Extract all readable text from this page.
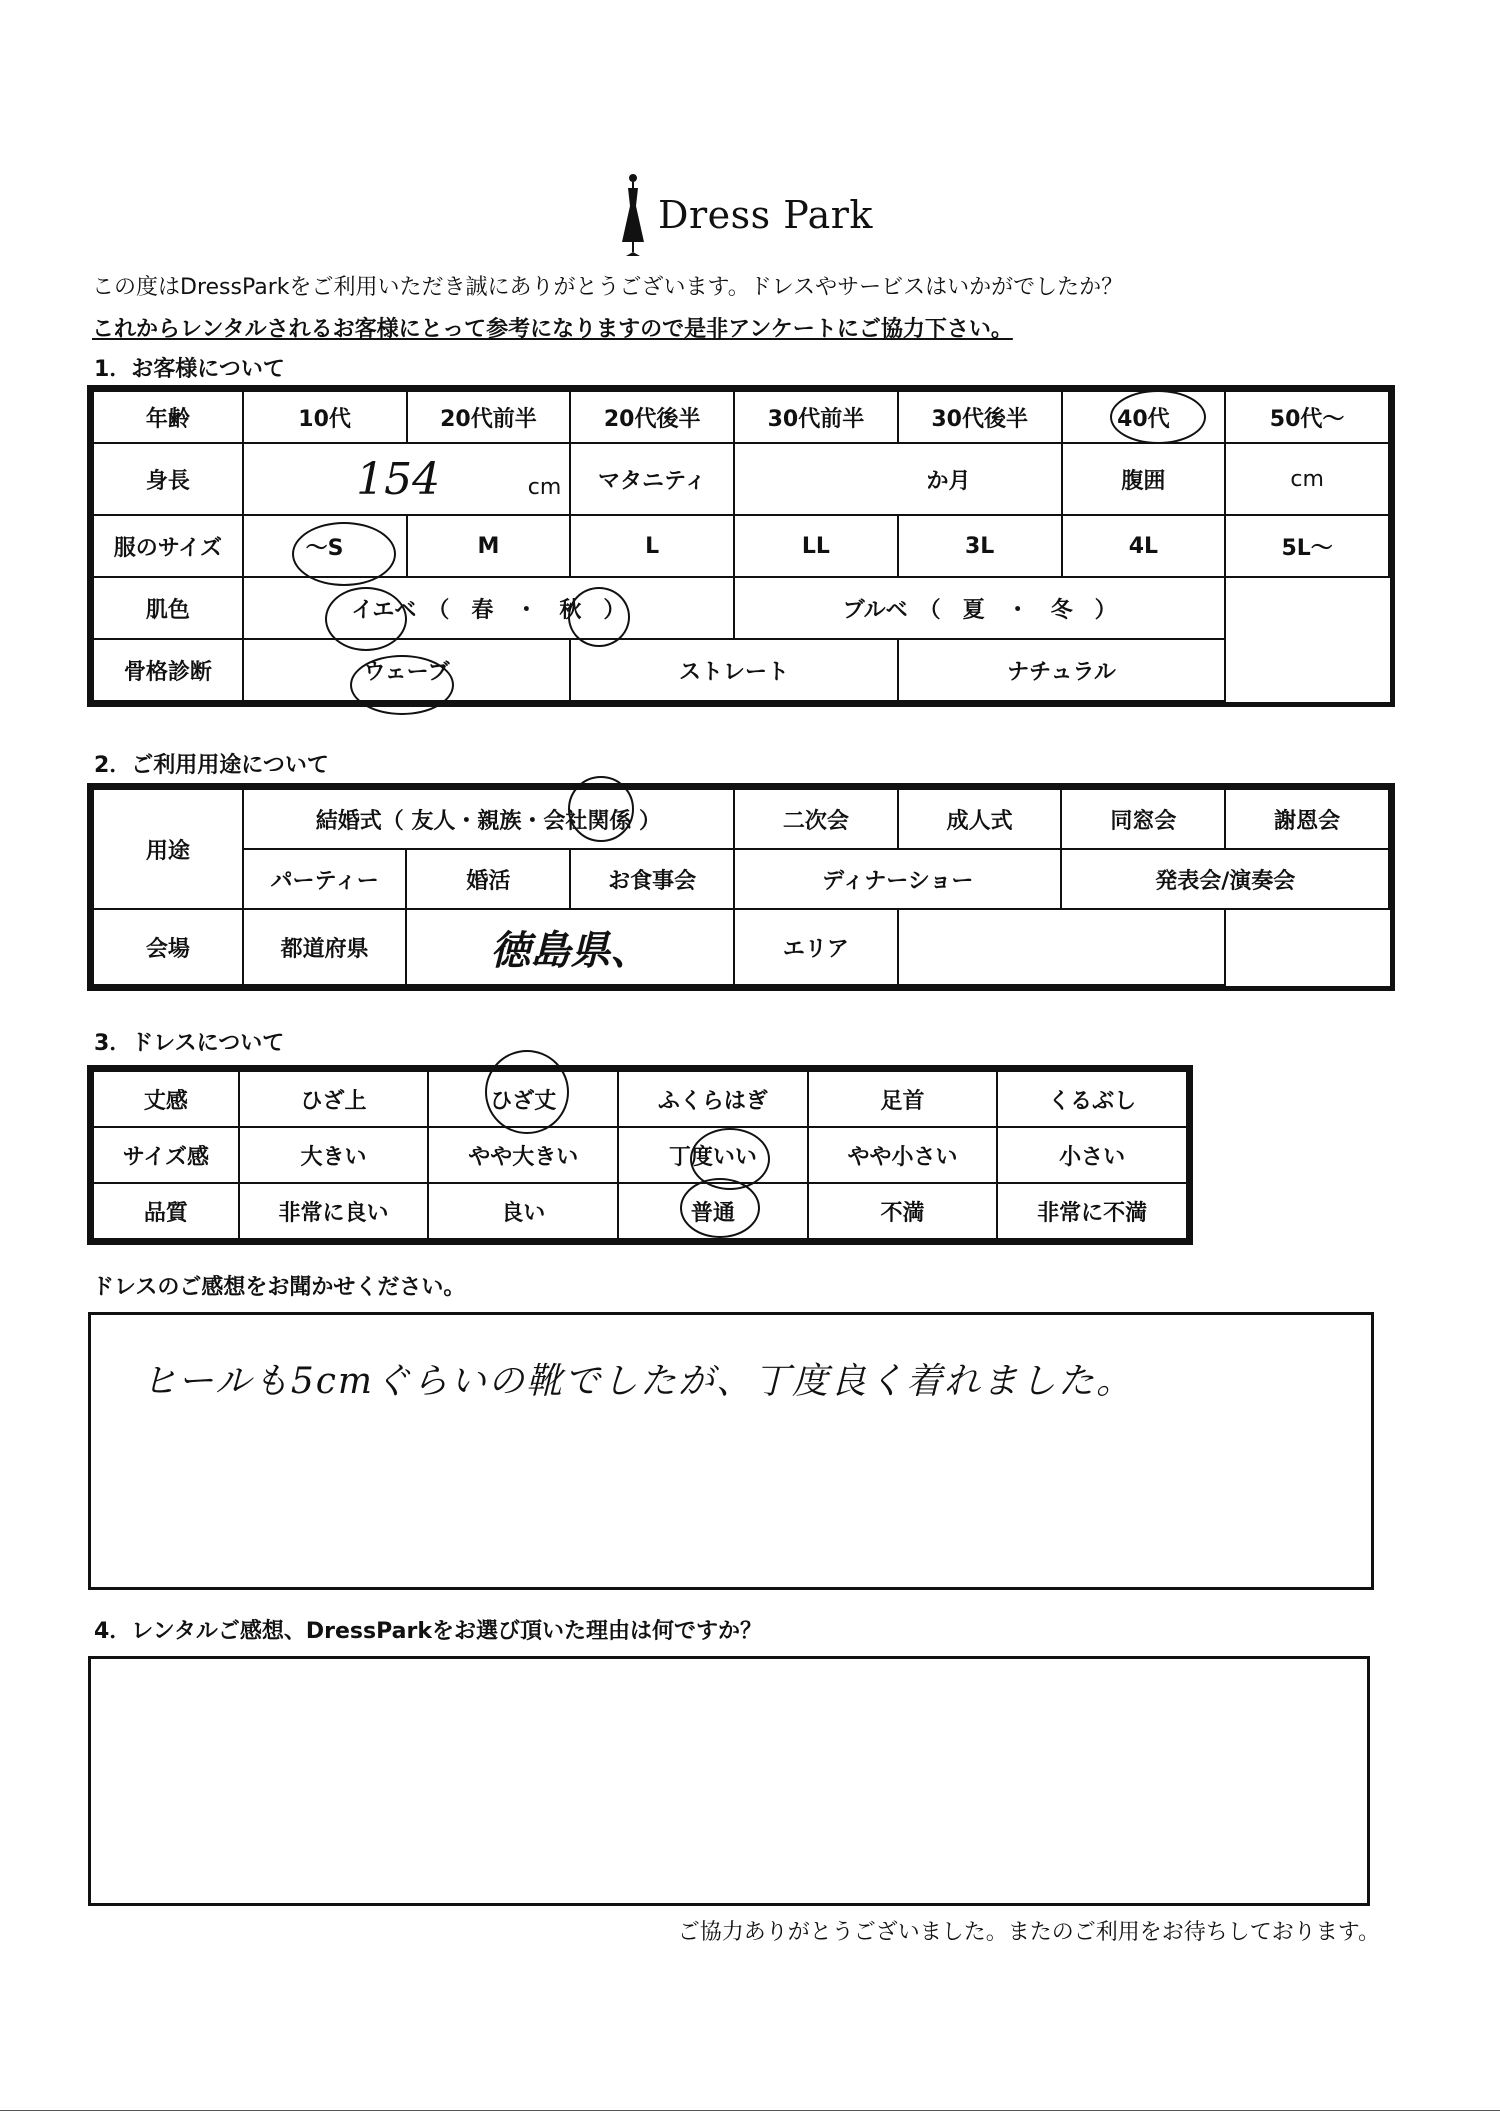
Dress Park
この度はDressParkをご利用いただき誠にありがとうございます。ドレスやサービスはいかがでしたか？
これからレンタルされるお客様にとって参考になりますので是非アンケートにご協力下さい。
1．お客様について
年齢	10代	20代前半	20代後半	30代前半	30代後半	40代	50代～
身長	154 cm		マタニティ	か月		腹囲	cm
服のサイズ	～S	M	L	LL	3L	4L	5L～
肌色	イエベ　（　春　・　秋　）			ブルベ　（　夏　・　冬　）			
骨格診断	ウェーブ		ストレート		ナチュラル		
2．ご利用用途について
用途	結婚式（ 友人・親族・会社関係 ）			二次会	成人式	同窓会	謝恩会
	パーティー	婚活	お食事会	ディナーショー		発表会/演奏会	
会場	都道府県	徳島県、		エリア			
3．ドレスについて
丈感	ひざ上	ひざ丈	ふくらはぎ	足首	くるぶし
サイズ感	大きい	やや大きい	丁度いい	やや小さい	小さい
品質	非常に良い	良い	普通	不満	非常に不満
ドレスのご感想をお聞かせください。
ヒールも5cmぐらいの靴でしたが、丁度良く着れました。
4．レンタルご感想、DressParkをお選び頂いた理由は何ですか？
ご協力ありがとうございました。またのご利用をお待ちしております。
